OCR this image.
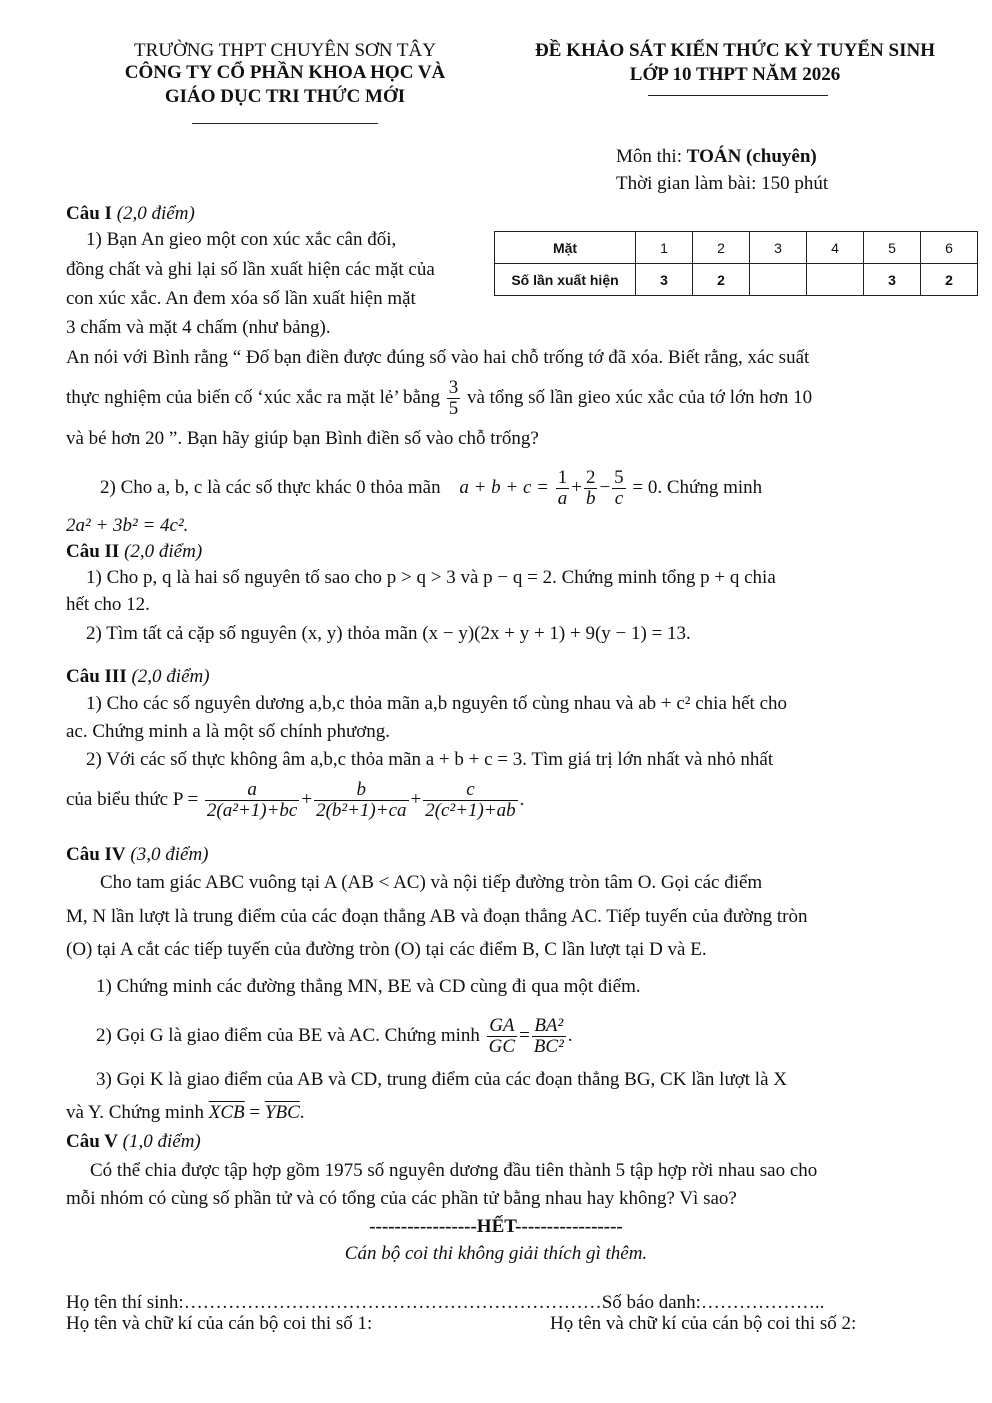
TRƯỜNG THPT CHUYÊN SƠN TÂY
CÔNG TY CỔ PHẦN KHOA HỌC VÀ
GIÁO DỤC TRI THỨC MỚI
ĐỀ KHẢO SÁT KIẾN THỨC KỲ TUYỂN SINH
LỚP 10 THPT NĂM 2026
Môn thi: TOÁN (chuyên)
Thời gian làm bài: 150 phút
Câu I (2,0 điểm)
1) Bạn An gieo một con xúc xắc cân đối,
đồng chất và ghi lại số lần xuất hiện các mặt của
con xúc xắc. An đem xóa số lần xuất hiện mặt
3 chấm và mặt 4 chấm (như bảng).
Mặt	1	2	3	4	5	6
Số lần xuất hiện	3	2			3	2
An nói với Bình rằng “ Đố bạn điền được đúng số vào hai chỗ trống tớ đã xóa. Biết rằng, xác suất
thực nghiệm của biến cố ‘xúc xắc ra mặt lẻ’ bằng $\frac{3}{5}$ và tổng số lần gieo xúc xắc của tớ lớn hơn 10
và bé hơn 20 ”. Bạn hãy giúp bạn Bình điền số vào chỗ trống?
2) Cho a, b, c là các số thực khác 0 thỏa mãn $a + b + c = \frac{1}{a} + \frac{2}{b} - \frac{5}{c} = 0$. Chứng minh
2a² + 3b² = 4c².
Câu II (2,0 điểm)
1) Cho p, q là hai số nguyên tố sao cho p > q > 3 và p − q = 2. Chứng minh tổng p + q chia
hết cho 12.
2) Tìm tất cả cặp số nguyên (x, y) thỏa mãn (x − y)(2x + y + 1) + 9(y − 1) = 13.
Câu III (2,0 điểm)
1) Cho các số nguyên dương a,b,c thỏa mãn a,b nguyên tố cùng nhau và ab + c² chia hết cho
ac. Chứng minh a là một số chính phương.
2) Với các số thực không âm a,b,c thỏa mãn a + b + c = 3. Tìm giá trị lớn nhất và nhỏ nhất
của biểu thức $P = \frac{a}{\text{2(a²+1)+bc}} + \frac{b}{\text{2(b²+1)+ca}} + \frac{c}{\text{2(c²+1)+ab}}$ .
Câu IV (3,0 điểm)
Cho tam giác ABC vuông tại A (AB < AC) và nội tiếp đường tròn tâm O. Gọi các điểm
M, N lần lượt là trung điểm của các đoạn thẳng AB và đoạn thẳng AC. Tiếp tuyến của đường tròn
(O) tại A cắt các tiếp tuyến của đường tròn (O) tại các điểm B, C lần lượt tại D và E.
1) Chứng minh các đường thẳng MN, BE và CD cùng đi qua một điểm.
2) Gọi G là giao điểm của BE và AC. Chứng minh $\frac{GA}{GC} = \frac{\text{BA²}}{\text{BC²}}$ .
3) Gọi K là giao điểm của AB và CD, trung điểm của các đoạn thẳng BG, CK lần lượt là X
và Y. Chứng minh $\overline{XCB} = \overline{YBC}$.
Câu V (1,0 điểm)
Có thể chia được tập hợp gồm 1975 số nguyên dương đầu tiên thành 5 tập hợp rời nhau sao cho
mỗi nhóm có cùng số phần tử và có tổng của các phần tử bằng nhau hay không? Vì sao?
-----------------HẾT-----------------
Cán bộ coi thi không giải thích gì thêm.
Họ tên thí sinh:…………………………………………………………Số báo danh:………………..
Họ tên và chữ kí của cán bộ coi thi số 1:	Họ tên và chữ kí của cán bộ coi thi số 2:
